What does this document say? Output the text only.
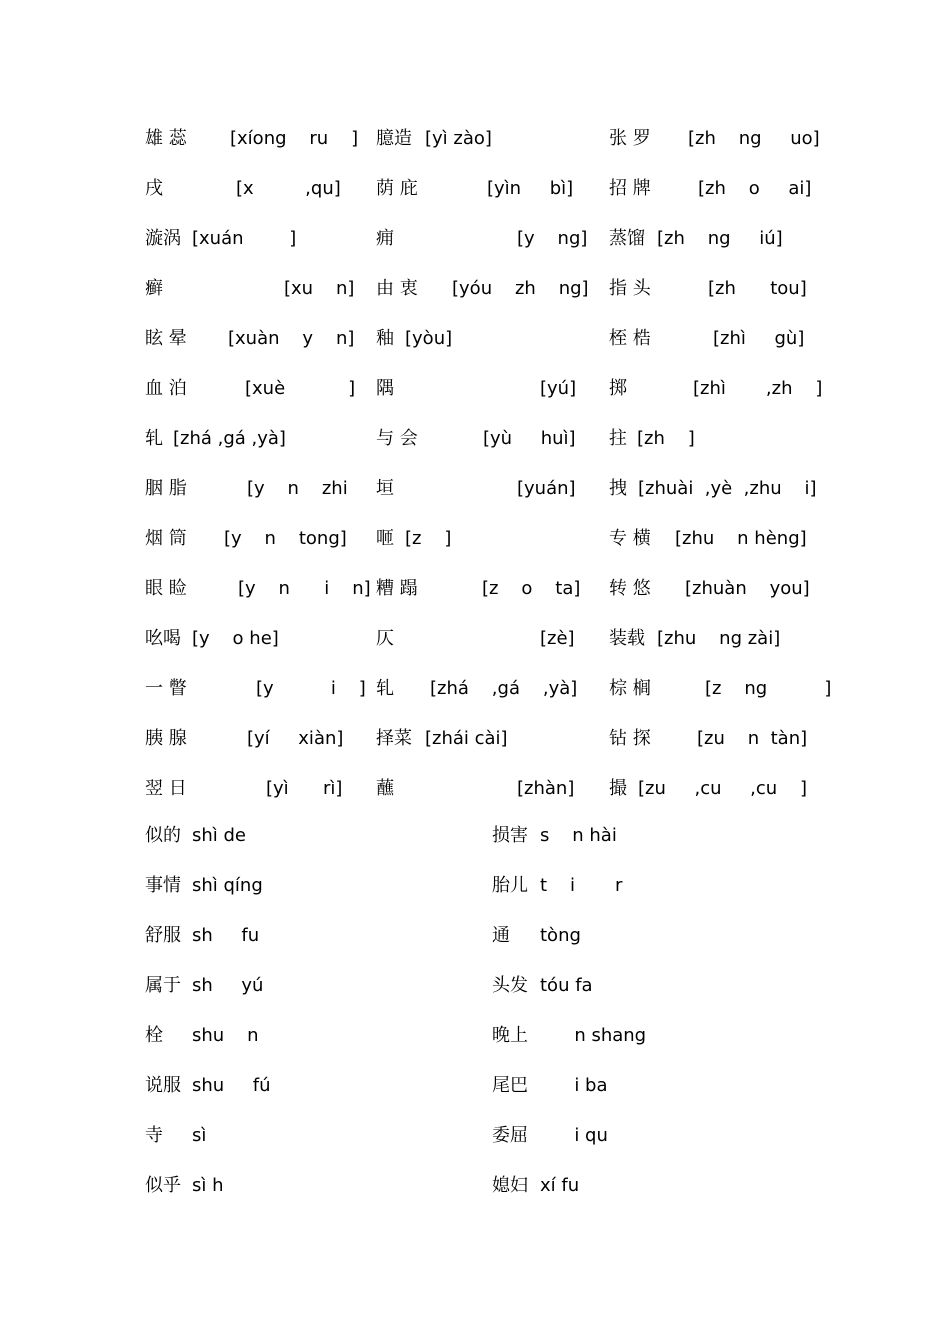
雄 蕊 [xíong    ru    ] 臆造 [yì zào]	张 罗 [zh    ng     uo]
戌	[x         ,qu] 荫 庇	[yìn     bì] 招 牌	[zh    o     ai]
漩涡 [xuán        ]	痈	[y    ng] 蒸馏 [zh    ng     iú]
癣	[xu    n] 由 衷 [yóu    zh    ng] 指 头	[zh      tou]
眩 晕 [xuàn    y    n] 釉 [yòu]	桎 梏	[zhì     gù]
血 泊	[xuè           ] 隅	[yú] 掷	[zhì       ,zh    ]
轧 [zhá ,gá ,yà]	与 会	[yù     huì] 拄 [zh    ]
胭 脂	[y    n    zhi 垣	[yuán] 拽 [zhuài  ,yè  ,zhu    i]
烟 筒 [y    n    tong] 咂 [z    ]	专 横 [zhu    n hèng]
眼 睑	[y    n      i    n] 糟 蹋	[z    o    ta] 转 悠 [zhuàn    you]
吆喝 [y    o he]	仄	[zè] 装载 [zhu    ng zài]
一 瞥	[y          i    ] 轧 [zhá    ,gá    ,yà] 棕 榈	[z    ng          ]
胰 腺	[yí     xiàn] 择菜 [zhái cài]	钻 探	[zu    n  tàn]
翌 日	[yì      rì] 蘸	[zhàn] 撮 [zu     ,cu     ,cu    ]
似的 shì de	损害 s    n hài
事情 shì qíng	胎儿 t    i       r
舒服 sh     fu	通 tòng
属于 sh     yú	头发 tóu fa
栓 shu    n	晚上 n shang
说服 shu     fú	尾巴 i ba
寺 sì	委屈 i qu
似乎 sì h	媳妇 xí fu
